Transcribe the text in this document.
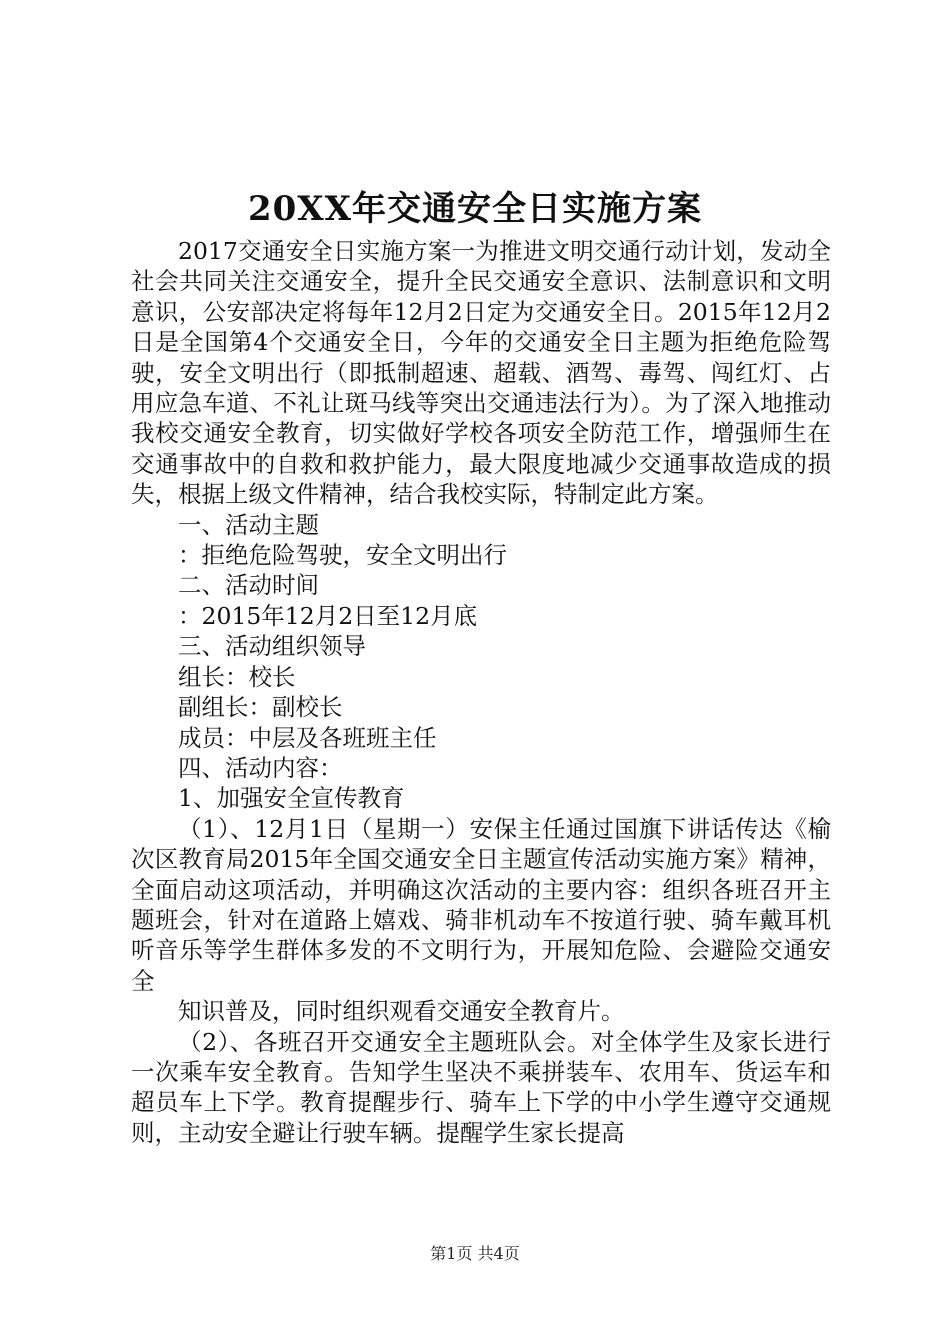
20XX年交通安全日实施方案

2017交通安全日实施方案一为推进文明交通行动计划，发动全社会共同关注交通安全，提升全民交通安全意识、法制意识和文明意识，公安部决定将每年12月2日定为交通安全日。2015年12月2日是全国第4个交通安全日，今年的交通安全日主题为拒绝危险驾驶，安全文明出行（即抵制超速、超载、酒驾、毒驾、闯红灯、占用应急车道、不礼让斑马线等突出交通违法行为）。为了深入地推动我校交通安全教育，切实做好学校各项安全防范工作，增强师生在交通事故中的自救和救护能力，最大限度地减少交通事故造成的损失，根据上级文件精神，结合我校实际，特制定此方案。

一、活动主题

：拒绝危险驾驶，安全文明出行

二、活动时间

：2015年12月2日至12月底

三、活动组织领导

组长：校长

副组长：副校长

成员：中层及各班班主任

四、活动内容：

1、加强安全宣传教育

（1）、12月1日（星期一）安保主任通过国旗下讲话传达《榆次区教育局2015年全国交通安全日主题宣传活动实施方案》精神，全面启动这项活动，并明确这次活动的主要内容：组织各班召开主题班会，针对在道路上嬉戏、骑非机动车不按道行驶、骑车戴耳机听音乐等学生群体多发的不文明行为，开展知危险、会避险交通安全

知识普及，同时组织观看交通安全教育片。

（2）、各班召开交通安全主题班队会。对全体学生及家长进行一次乘车安全教育。告知学生坚决不乘拼装车、农用车、货运车和超员车上下学。教育提醒步行、骑车上下学的中小学生遵守交通规则，主动安全避让行驶车辆。提醒学生家长提高

第1页 共4页
